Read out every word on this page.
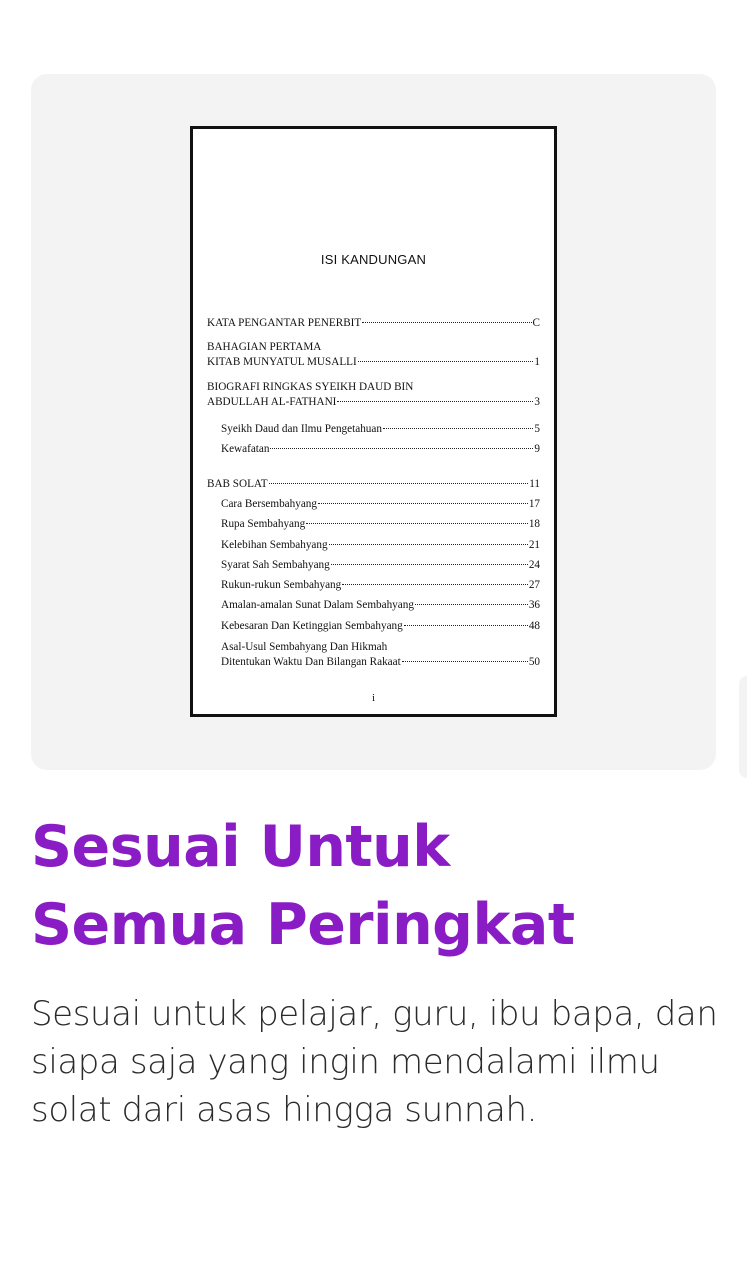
ISI KANDUNGAN
KATA PENGANTAR PENERBIT	C
BAHAGIAN PERTAMA
KITAB MUNYATUL MUSALLI	1
BIOGRAFI RINGKAS SYEIKH DAUD BIN
ABDULLAH AL-FATHANI	3
Syeikh Daud dan Ilmu Pengetahuan	5
Kewafatan	9
BAB SOLAT	11
Cara Bersembahyang	17
Rupa Sembahyang	18
Kelebihan Sembahyang	21
Syarat Sah Sembahyang	24
Rukun-rukun Sembahyang	27
Amalan-amalan Sunat Dalam Sembahyang	36
Kebesaran Dan Ketinggian Sembahyang	48
Asal-Usul Sembahyang Dan Hikmah
Ditentukan Waktu Dan Bilangan Rakaat	50
i
Sesuai Untuk
Semua Peringkat

Sesuai untuk pelajar, guru, ibu bapa, dan siapa saja yang ingin mendalami ilmu solat dari asas hingga sunnah.
